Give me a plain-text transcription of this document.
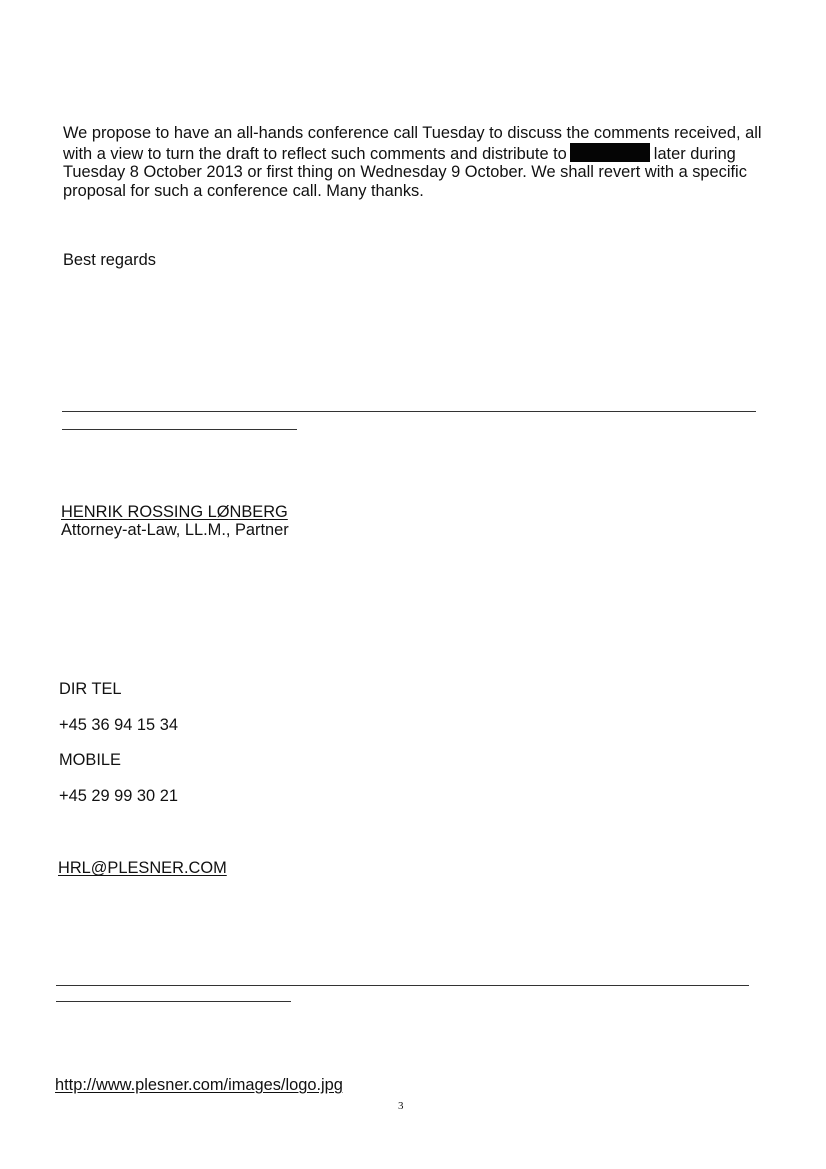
We propose to have an all-hands conference call Tuesday to discuss the comments received, all
with a view to turn the draft to reflect such comments and distribute to	later during
Tuesday 8 October 2013 or first thing on Wednesday 9 October. We shall revert with a specific
proposal for such a conference call. Many thanks.
Best regards
HENRIK ROSSING LØNBERG
Attorney-at-Law, LL.M., Partner
DIR TEL
+45 36 94 15 34
MOBILE
+45 29 99 30 21
HRL@PLESNER.COM
http://www.plesner.com/images/logo.jpg
3
